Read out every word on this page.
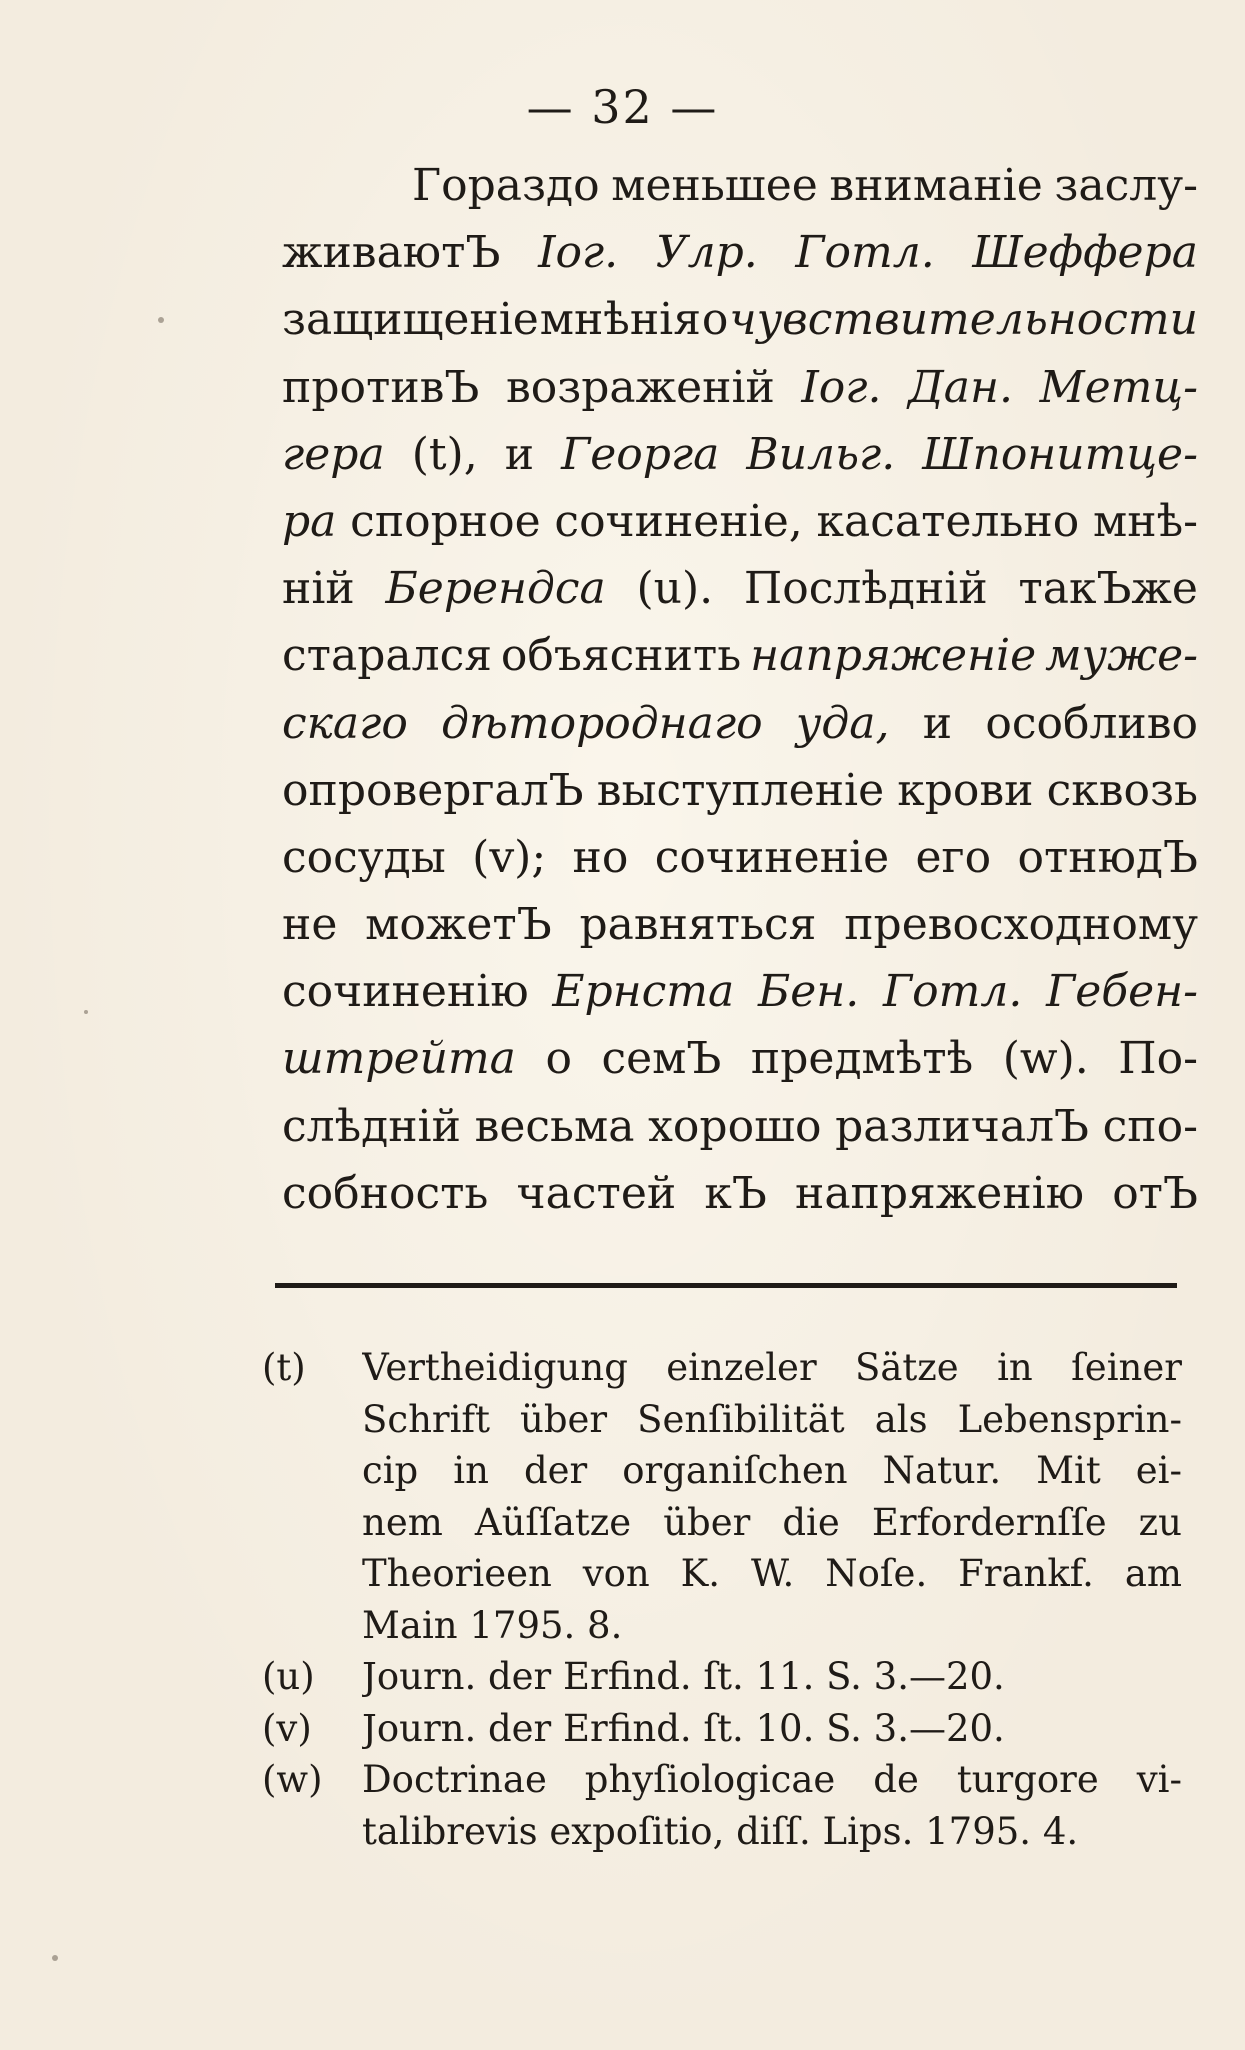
— 32 —
Гораздо меньшее вниманіе заслу-
живаютЪ Іог. Улр. Готл. Шеффера
защищеніе мнѣнія о чувствительности
противЪ возраженій Іог. Дан. Метц-
гера (t), и Георга Вильг. Шпонитце-
ра спорное сочиненіе, касательно мнѣ-
ній Берендса (u). Послѣдній такЪже
старался объяснить напряженіе муже-
скаго дѣтороднаго уда, и особливо
опровергалЪ выступленіе крови сквозь
сосуды (v); но сочиненіе его отнюдЪ
не можетЪ равняться превосходному
сочиненію Ернста Бен. Готл. Гебен-
штрейта о семЪ предмѣтѣ (w). По-
слѣдній весьма хорошо различалЪ спо-
собность частей кЪ напряженію отЪ
(t)	Vertheidigung einzeler Sätze in ſeiner
Schrift über Senſibilität als Lebensprin-
cip in der organiſchen Natur. Mit ei-
nem Aüſſatze über die Erfordernſſe zu
Theorieen von K. W. Noſe. Frankf. am
Main 1795. 8.
(u)	Journ. der Erfind. ſt. 11. S. 3.—20.
(v)	Journ. der Erfind. ſt. 10. S. 3.—20.
(w)	Doctrinae phyſiologicae de turgore vi-
talibrevis expoſitio, diſſ. Lips. 1795. 4.
